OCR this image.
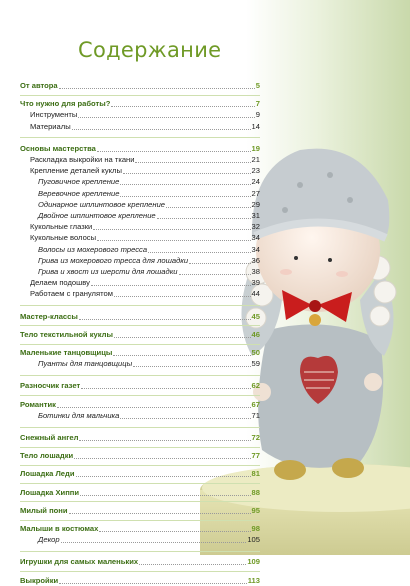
Содержание
От автора	5
Что нужно для работы?	7
Инструменты	9
Материалы	14
Основы мастерства	19
Раскладка выкройки на ткани	21
Крепление деталей куклы	23
Пуговичное крепление	24
Веревочное крепление	27
Одинарное шплинтовое крепление	29
Двойное шплинтовое крепление	31
Кукольные глазки	32
Кукольные волосы	34
Волосы из мохерового трессa	34
Грива из мохерового трессa для лошадки	36
Грива и хвост из шерсти для лошадки	38
Делаем подошву	39
Работаем с гранулятом	44
Мастер-классы	45
Тело текстильной куклы	46
Маленькие танцовщицы	50
Пуанты для танцовщицы	59
Разносчик газет	62
Романтик	67
Ботинки для мальчика	71
Снежный ангел	72
Тело лошадки	77
Лошадка Леди	81
Лошадка Хиппи	88
Милый пони	95
Малыши в костюмах	98
Декор	105
Игрушки для самых маленьких	109
Выкройки	113
